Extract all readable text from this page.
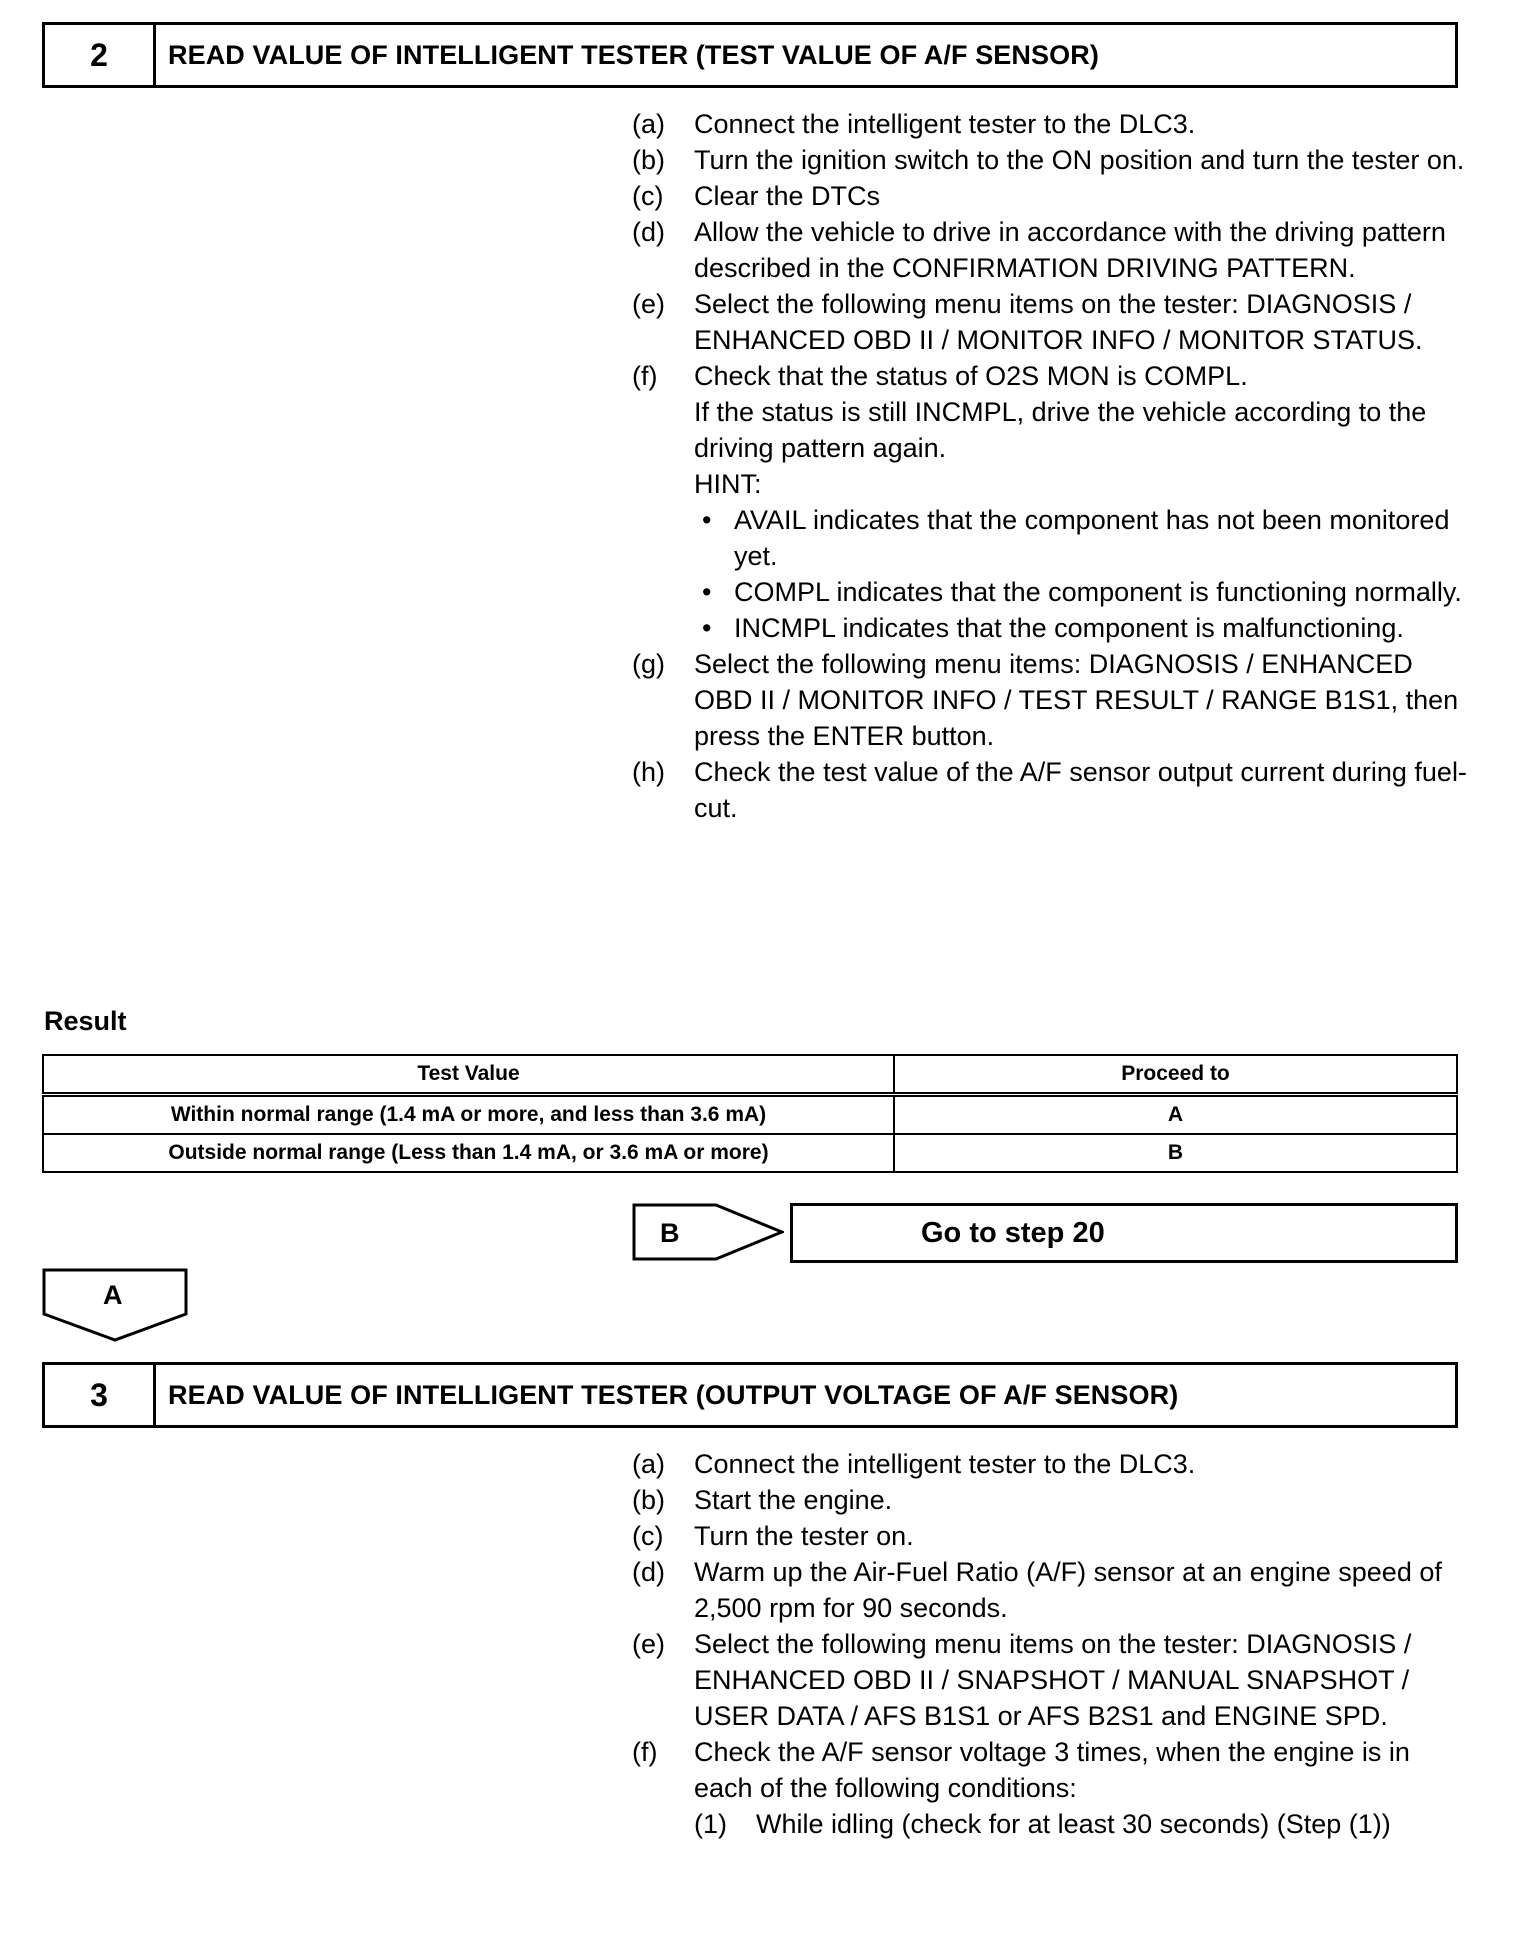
2	READ VALUE OF INTELLIGENT TESTER (TEST VALUE OF A/F SENSOR)
(a)	Connect the intelligent tester to the DLC3.
(b)	Turn the ignition switch to the ON position and turn the tester on.
(c)	Clear the DTCs
(d)	Allow the vehicle to drive in accordance with the driving pattern described in the CONFIRMATION DRIVING PATTERN.
(e)	Select the following menu items on the tester: DIAGNOSIS / ENHANCED OBD II / MONITOR INFO / MONITOR STATUS.
(f)	Check that the status of O2S MON is COMPL.
If the status is still INCMPL, drive the vehicle according to the driving pattern again.
HINT:
• AVAIL indicates that the component has not been monitored yet.
• COMPL indicates that the component is functioning normally.
• INCMPL indicates that the component is malfunctioning.
(g)	Select the following menu items: DIAGNOSIS / ENHANCED OBD II / MONITOR INFO / TEST RESULT / RANGE B1S1, then press the ENTER button.
(h)	Check the test value of the A/F sensor output current during fuel-cut.
Result
Test Value	Proceed to
Within normal range (1.4 mA or more, and less than 3.6 mA)	A
Outside normal range (Less than 1.4 mA, or 3.6 mA or more)	B
B	Go to step 20
A
3	READ VALUE OF INTELLIGENT TESTER (OUTPUT VOLTAGE OF A/F SENSOR)
(a)	Connect the intelligent tester to the DLC3.
(b)	Start the engine.
(c)	Turn the tester on.
(d)	Warm up the Air-Fuel Ratio (A/F) sensor at an engine speed of 2,500 rpm for 90 seconds.
(e)	Select the following menu items on the tester: DIAGNOSIS / ENHANCED OBD II / SNAPSHOT / MANUAL SNAPSHOT / USER DATA / AFS B1S1 or AFS B2S1 and ENGINE SPD.
(f)	Check the A/F sensor voltage 3 times, when the engine is in each of the following conditions:
(1)	While idling (check for at least 30 seconds) (Step (1))
